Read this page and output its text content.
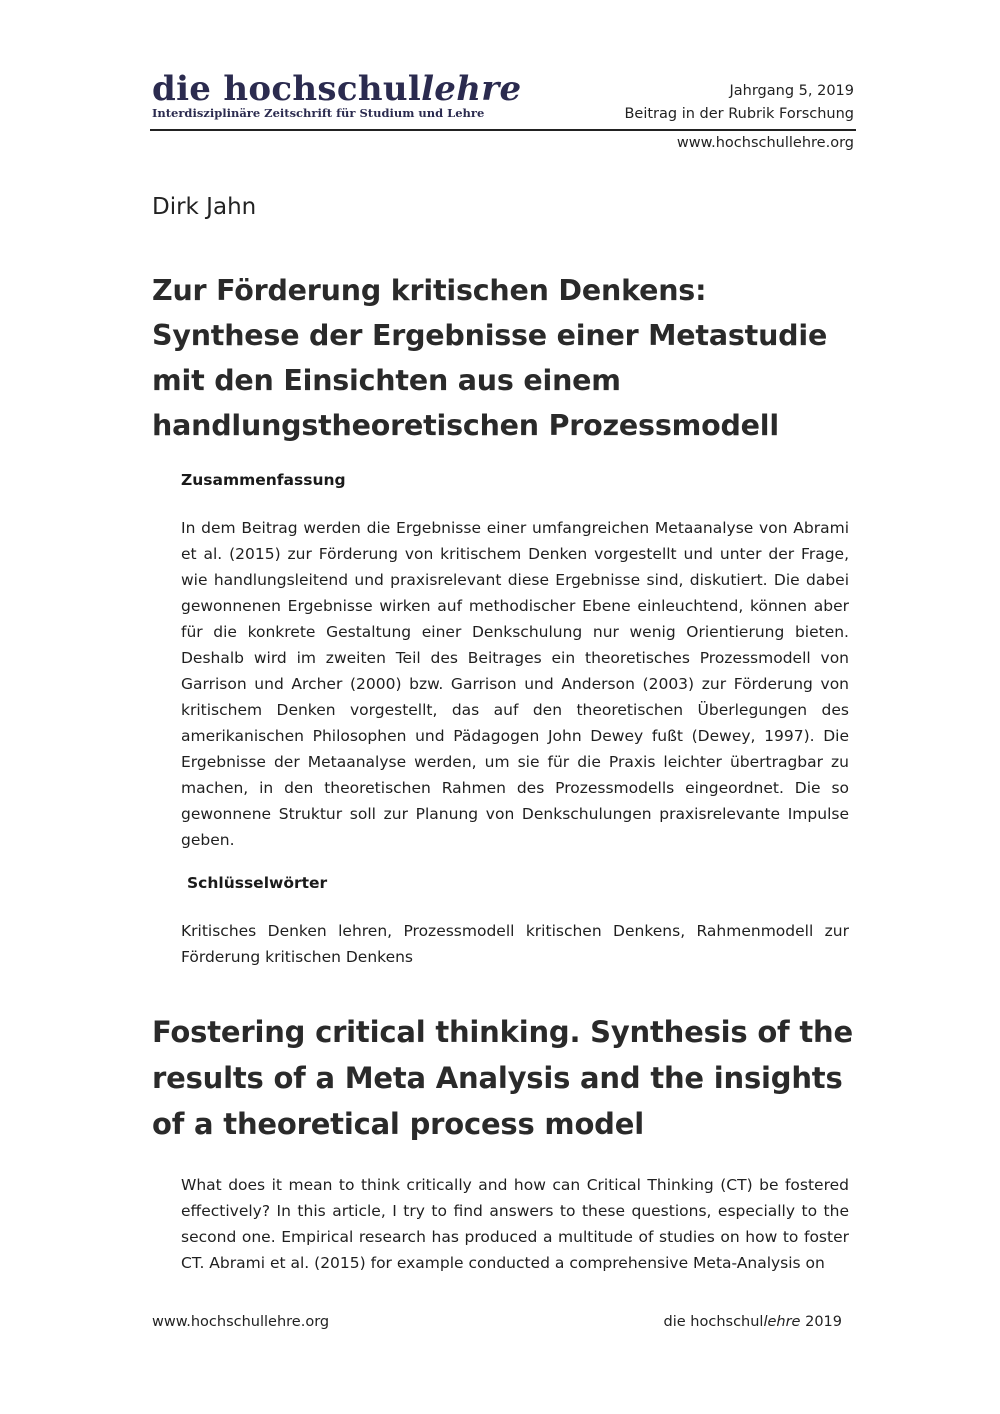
die hochschullehre
Interdisziplinäre Zeitschrift für Studium und Lehre
Jahrgang 5, 2019
Beitrag in der Rubrik Forschung
www.hochschullehre.org
Dirk Jahn
Zur Förderung kritischen Denkens: Synthese der Ergebnisse einer Metastudie mit den Einsichten aus einem handlungstheoretischen Prozessmodell
Zusammenfassung
In dem Beitrag werden die Ergebnisse einer umfangreichen Metaanalyse von Abrami et al. (2015) zur Förderung von kritischem Denken vorgestellt und unter der Frage, wie handlungsleitend und praxisrelevant diese Ergebnisse sind, diskutiert. Die dabei gewonnenen Ergebnisse wirken auf methodischer Ebene einleuchtend, können aber für die konkrete Gestaltung einer Denkschulung nur wenig Orientierung bieten. Deshalb wird im zweiten Teil des Beitrages ein theoretisches Prozessmodell von Garrison und Archer (2000) bzw. Garrison und Anderson (2003) zur Förderung von kritischem Denken vorgestellt, das auf den theoretischen Überlegungen des amerikanischen Philosophen und Pädagogen John Dewey fußt (Dewey, 1997). Die Ergebnisse der Metaanalyse werden, um sie für die Praxis leichter übertragbar zu machen, in den theoretischen Rahmen des Prozessmodells eingeordnet. Die so gewonnene Struktur soll zur Planung von Denkschulungen praxisrelevante Impulse geben.
Schlüsselwörter
Kritisches Denken lehren, Prozessmodell kritischen Denkens, Rahmenmodell zur Förderung kritischen Denkens
Fostering critical thinking. Synthesis of the results of a Meta Analysis and the insights of a theoretical process model
What does it mean to think critically and how can Critical Thinking (CT) be fostered effectively? In this article, I try to find answers to these questions, especially to the second one. Empirical research has produced a multitude of studies on how to foster CT. Abrami et al. (2015) for example conducted a comprehensive Meta-Analysis on
www.hochschullehre.org	die hochschullehre 2019
